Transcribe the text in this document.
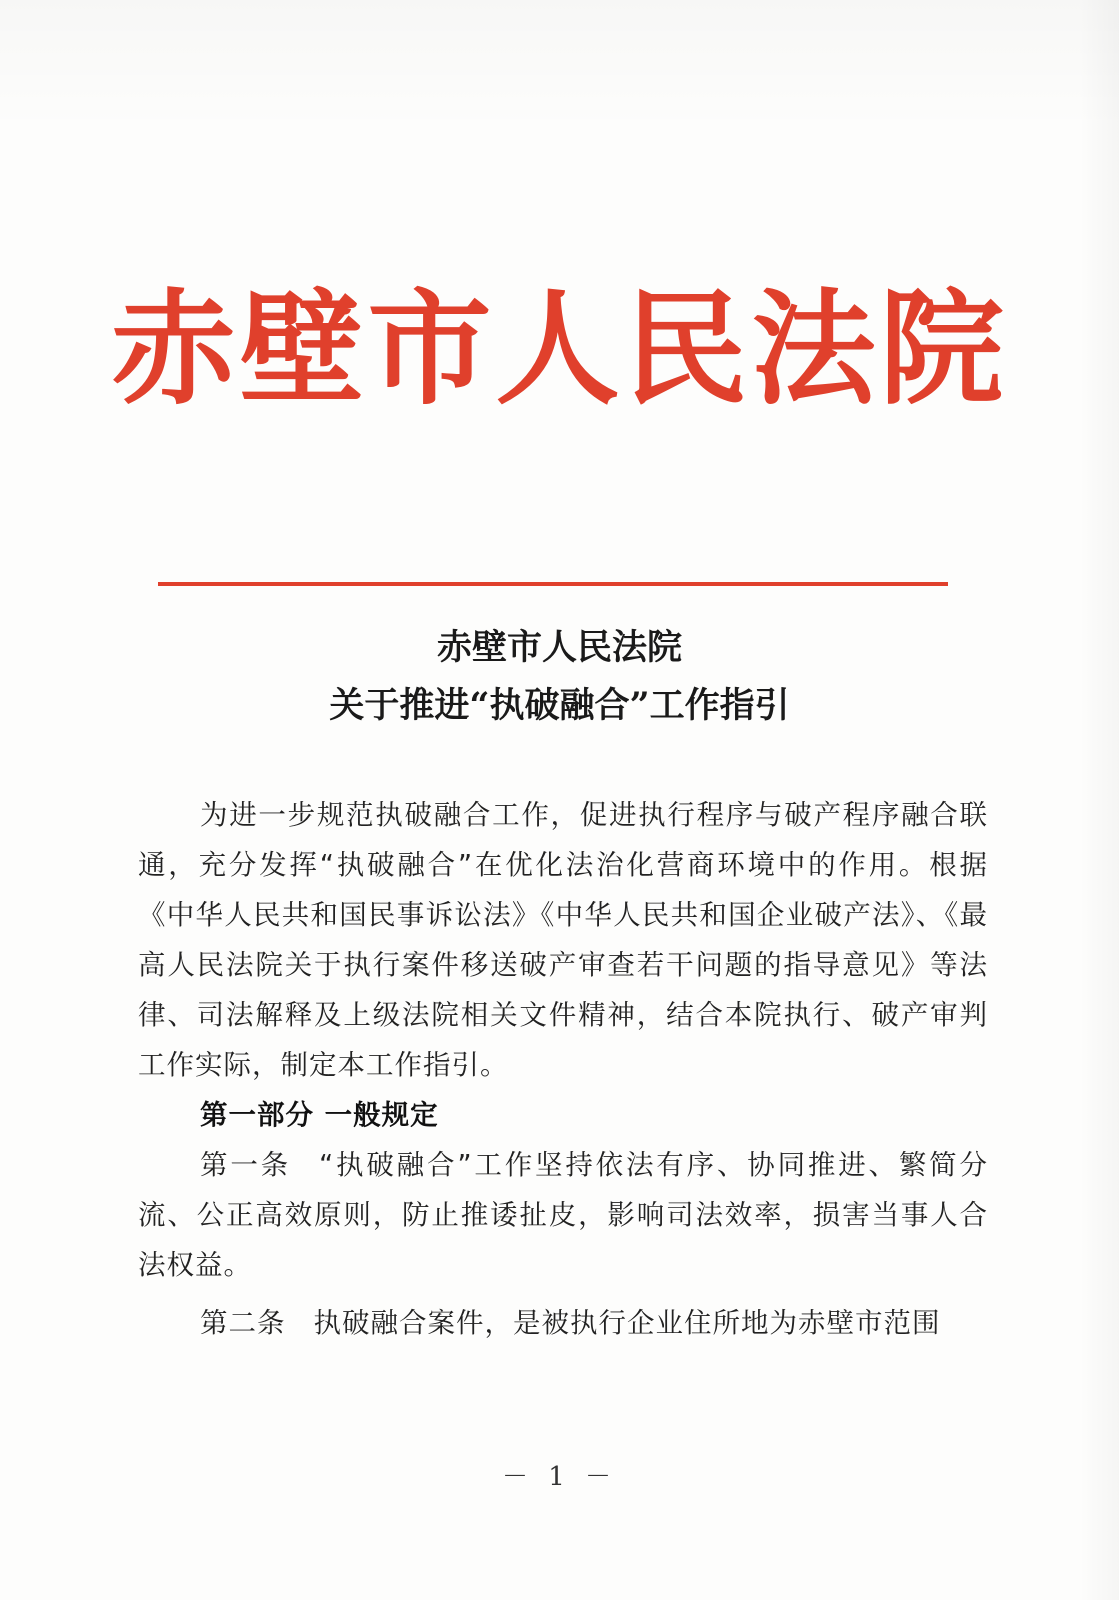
赤壁市人民法院
赤壁市人民法院
关于推进“执破融合”工作指引

为进一步规范执破融合工作，促进执行程序与破产程序融合联通，充分发挥“执破融合”在优化法治化营商环境中的作用。根据《中华人民共和国民事诉讼法》《中华人民共和国企业破产法》、《最高人民法院关于执行案件移送破产审查若干问题的指导意见》等法律、司法解释及上级法院相关文件精神，结合本院执行、破产审判工作实际，制定本工作指引。

第一部分 一般规定

第一条 “执破融合”工作坚持依法有序、协同推进、繁简分流、公正高效原则，防止推诿扯皮，影响司法效率，损害当事人合法权益。

第二条 执破融合案件，是被执行企业住所地为赤壁市范围

－ 1 －
